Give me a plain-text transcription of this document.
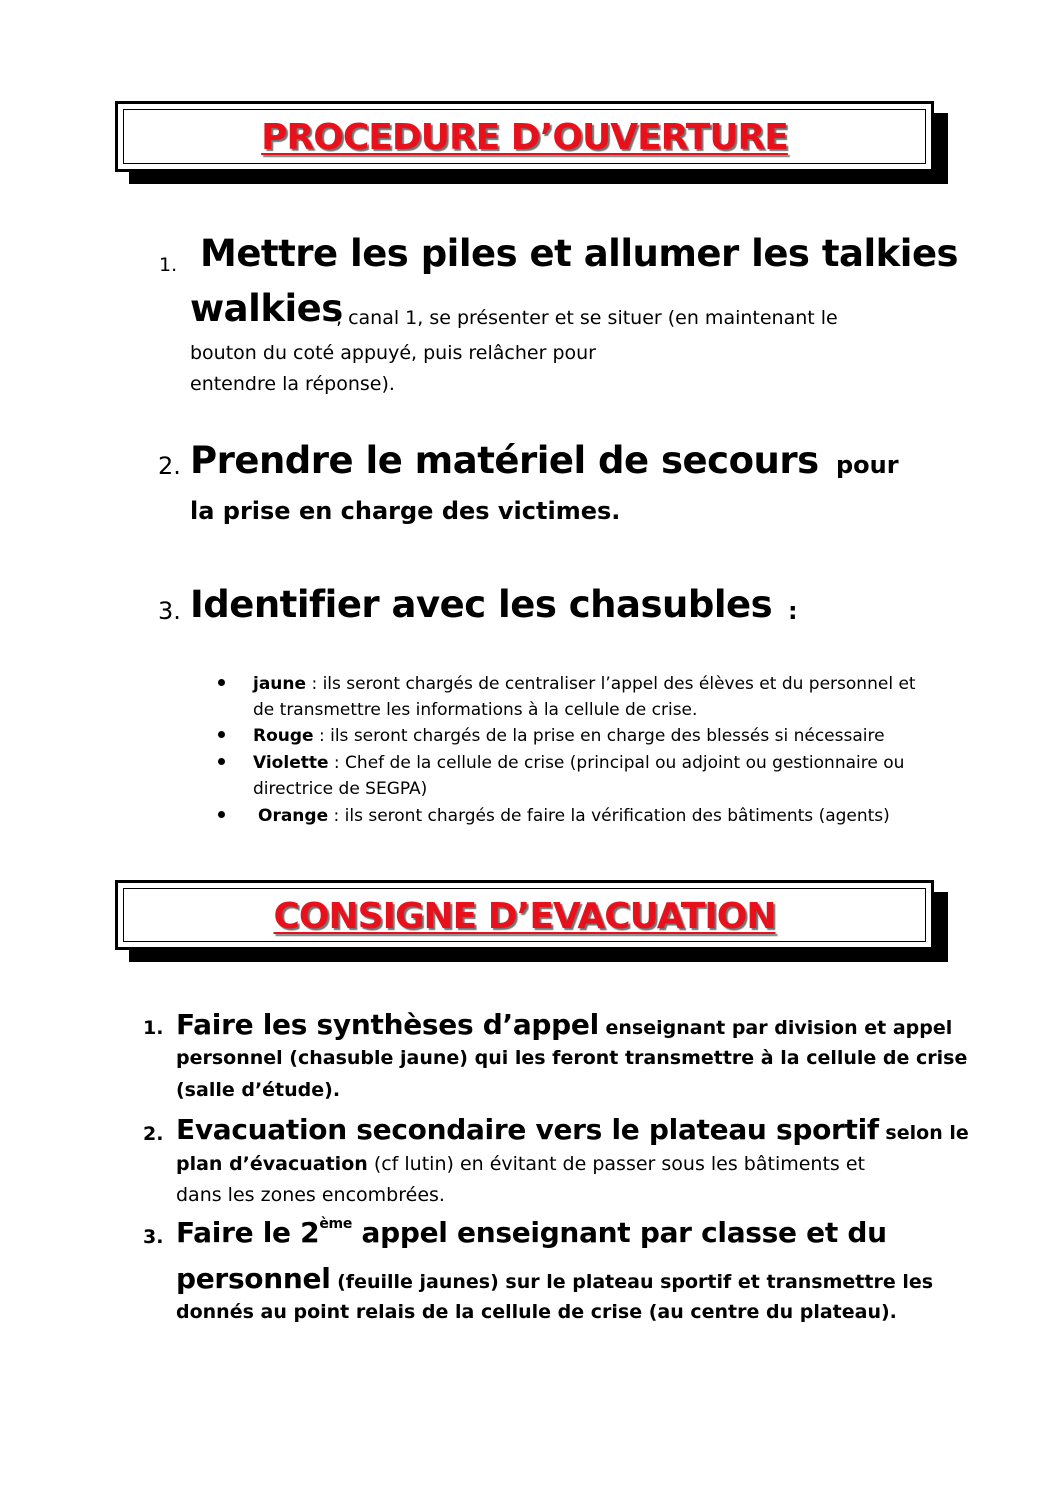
PROCEDURE D’OUVERTURE
1. Mettre les piles et allumer les talkies
walkies
, canal 1, se présenter et se situer (en maintenant le
bouton du coté appuyé, puis relâcher pour
entendre la réponse).
2. Prendre le matériel de secours pour
la prise en charge des victimes.
3. Identifier avec les chasubles :
jaune : ils seront chargés de centraliser l’appel des élèves et du personnel et
de transmettre les informations à la cellule de crise.
Rouge : ils seront chargés de la prise en charge des blessés si nécessaire
Violette : Chef de la cellule de crise (principal ou adjoint ou gestionnaire ou
directrice de SEGPA)
Orange : ils seront chargés de faire la vérification des bâtiments (agents)
CONSIGNE D’EVACUATION
1. Faire les synthèses d’appel enseignant par division et appel
personnel (chasuble jaune) qui les feront transmettre à la cellule de crise
(salle d’étude).
2. Evacuation secondaire vers le plateau sportif selon le
plan d’évacuation (cf lutin) en évitant de passer sous les bâtiments et
dans les zones encombrées.
3. Faire le 2ème appel enseignant par classe et du
personnel (feuille jaunes) sur le plateau sportif et transmettre les
donnés au point relais de la cellule de crise (au centre du plateau).
